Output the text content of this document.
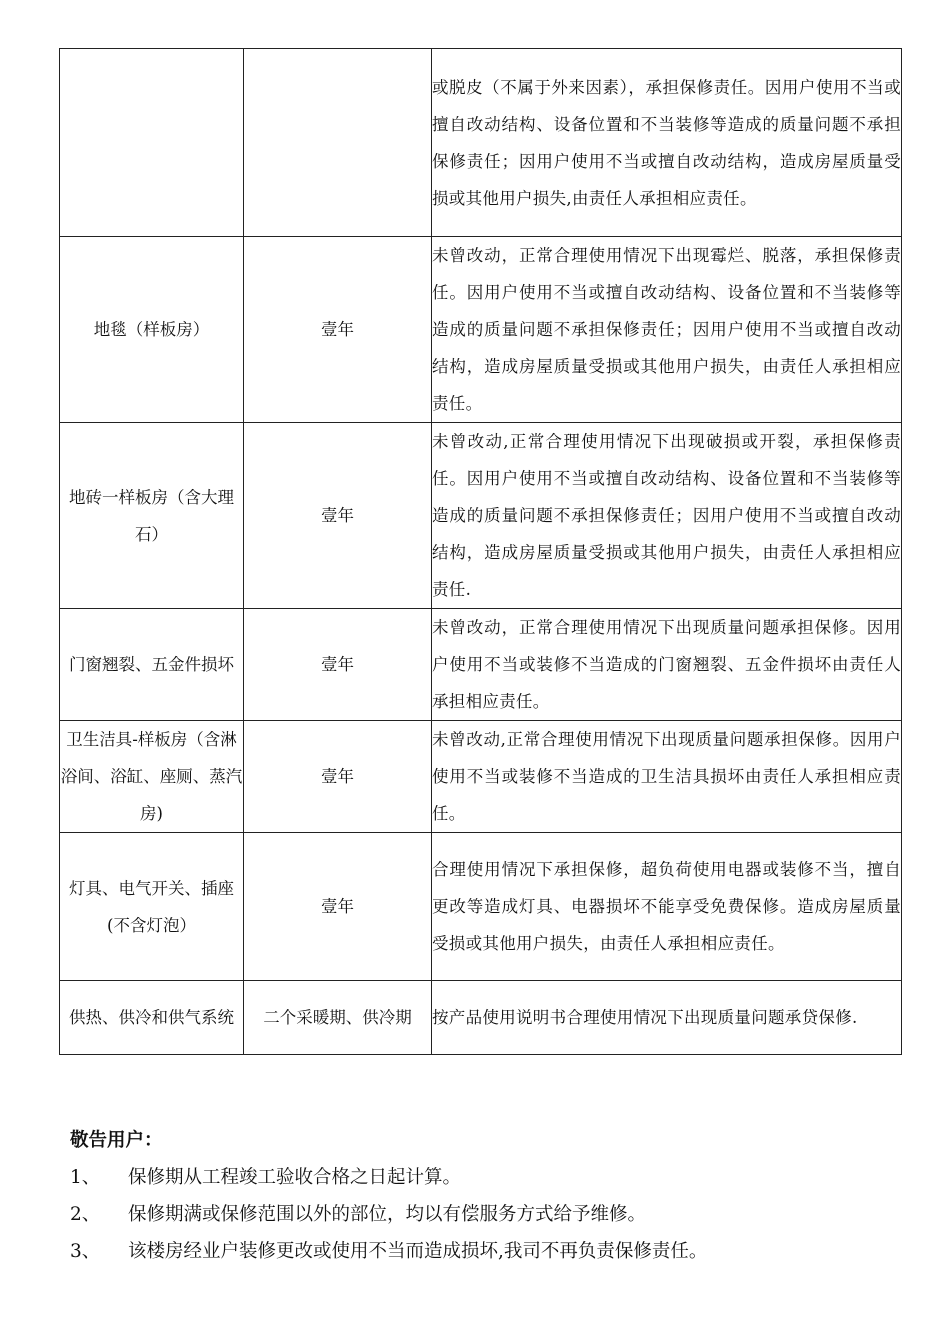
		或脱皮（不属于外来因素），承担保修责任。因用户使用不当或擅自改动结构、设备位置和不当装修等造成的质量问题不承担保修责任；因用户使用不当或擅自改动结构，造成房屋质量受损或其他用户损失,由责任人承担相应责任。
地毯（样板房）	壹年	未曾改动，正常合理使用情况下出现霉烂、脱落，承担保修责任。因用户使用不当或擅自改动结构、设备位置和不当装修等造成的质量问题不承担保修责任；因用户使用不当或擅自改动结构，造成房屋质量受损或其他用户损失，由责任人承担相应责任。
地砖一样板房（含大理石）	壹年	未曾改动,正常合理使用情况下出现破损或开裂，承担保修责任。因用户使用不当或擅自改动结构、设备位置和不当装修等造成的质量问题不承担保修责任；因用户使用不当或擅自改动结构，造成房屋质量受损或其他用户损失，由责任人承担相应责任.
门窗翘裂、五金件损坏	壹年	未曾改动，正常合理使用情况下出现质量问题承担保修。因用户使用不当或装修不当造成的门窗翘裂、五金件损坏由责任人承担相应责任。
卫生洁具-样板房（含淋浴间、浴缸、座厕、蒸汽房)	壹年	未曾改动,正常合理使用情况下出现质量问题承担保修。因用户使用不当或装修不当造成的卫生洁具损坏由责任人承担相应责任。
灯具、电气开关、插座(不含灯泡）	壹年	合理使用情况下承担保修，超负荷使用电器或装修不当，擅自更改等造成灯具、电器损坏不能享受免费保修。造成房屋质量受损或其他用户损失，由责任人承担相应责任。
供热、供冷和供气系统	二个采暖期、供冷期	按产品使用说明书合理使用情况下出现质量问题承贷保修.
敬告用户：
1、	保修期从工程竣工验收合格之日起计算。
2、	保修期满或保修范围以外的部位，均以有偿服务方式给予维修。
3、	该楼房经业户装修更改或使用不当而造成损坏,我司不再负责保修责任。
